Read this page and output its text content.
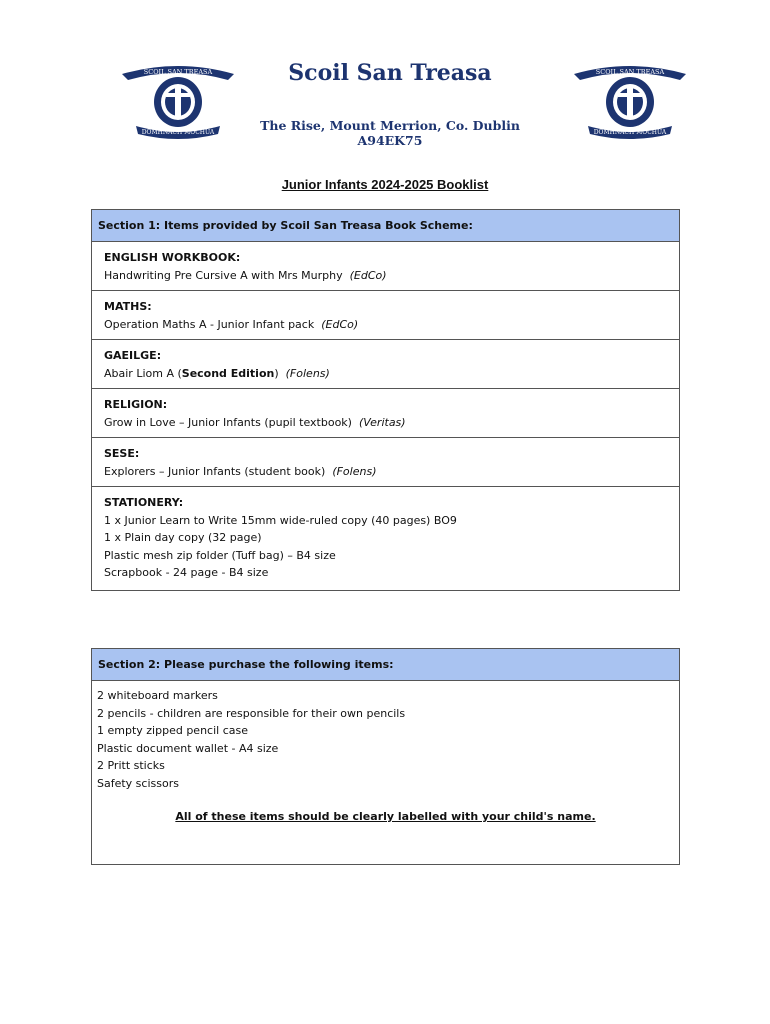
SCOIL SAN TREASA
DOMHNACH MOCHUA
Scoil San Treasa
The Rise, Mount Merrion, Co. Dublin A94EK75
SCOIL SAN TREASA
DOMHNACH MOCHUA
Junior Infants 2024-2025 Booklist
Section 1: Items provided by Scoil San Treasa Book Scheme:
ENGLISH WORKBOOK:
Handwriting Pre Cursive A with Mrs Murphy (EdCo)
MATHS:
Operation Maths A - Junior Infant pack (EdCo)
GAEILGE:
Abair Liom A (Second Edition) (Folens)
RELIGION:
Grow in Love – Junior Infants (pupil textbook) (Veritas)
SESE:
Explorers – Junior Infants (student book) (Folens)
STATIONERY:
1 x Junior Learn to Write 15mm wide-ruled copy (40 pages) BO9
1 x Plain day copy (32 page)
Plastic mesh zip folder (Tuff bag) – B4 size
Scrapbook - 24 page - B4 size
Section 2: Please purchase the following items:
2 whiteboard markers
2 pencils - children are responsible for their own pencils
1 empty zipped pencil case
Plastic document wallet - A4 size
2 Pritt sticks
Safety scissors
All of these items should be clearly labelled with your child's name.
